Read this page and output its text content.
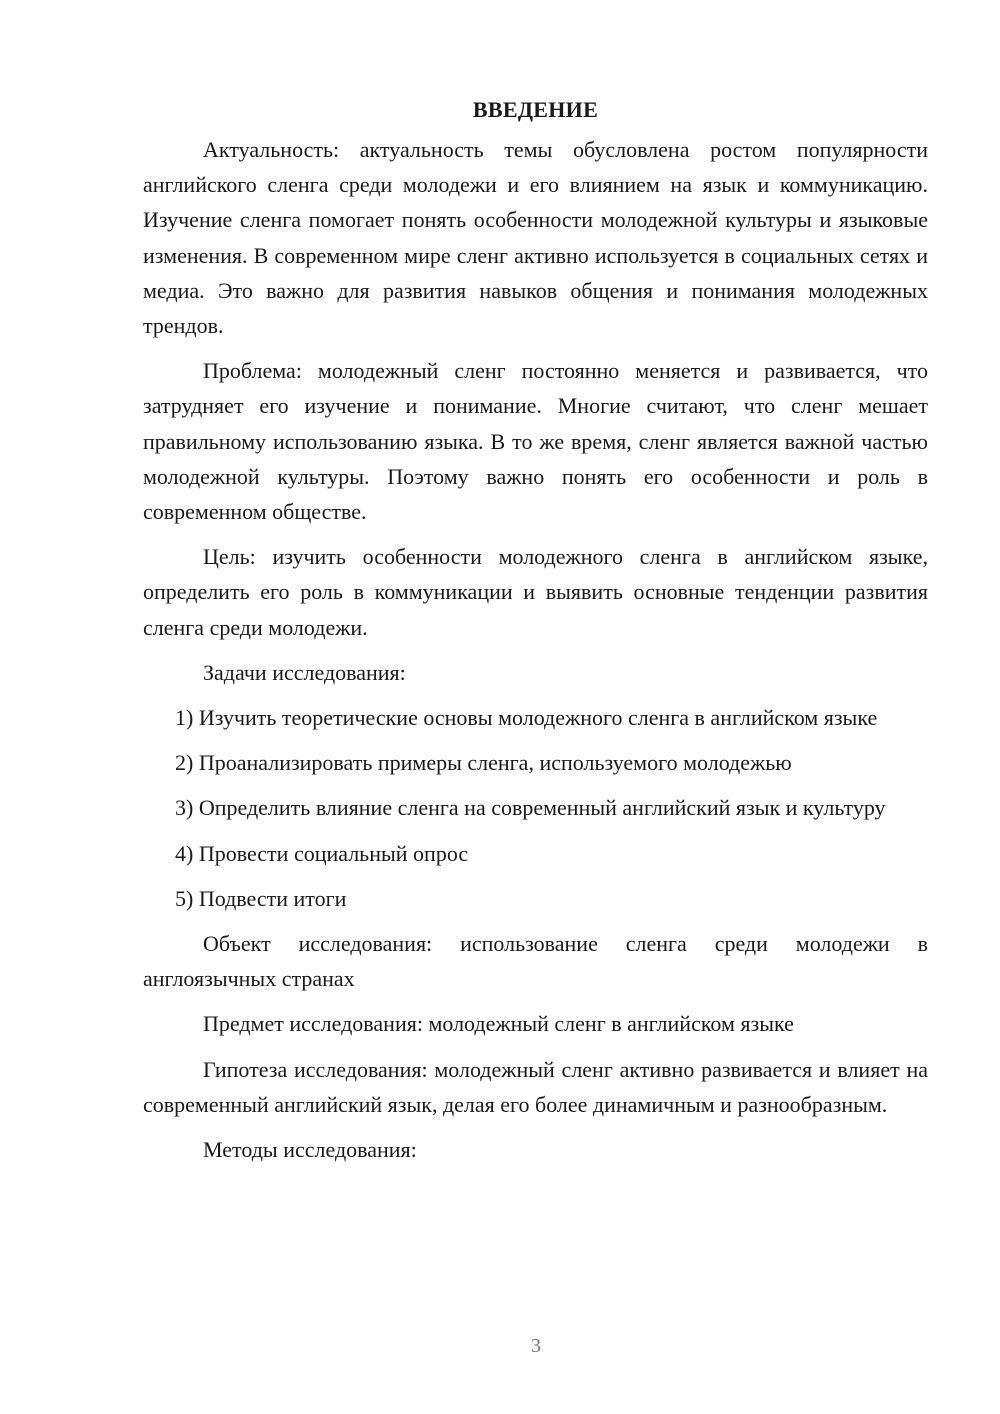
ВВЕДЕНИЕ

Актуальность: актуальность темы обусловлена ростом популярности английского сленга среди молодежи и его влиянием на язык и коммуникацию. Изучение сленга помогает понять особенности молодежной культуры и языковые изменения. В современном мире сленг активно используется в социальных сетях и медиа. Это важно для развития навыков общения и понимания молодежных трендов.

Проблема: молодежный сленг постоянно меняется и развивается, что затрудняет его изучение и понимание. Многие считают, что сленг мешает правильному использованию языка. В то же время, сленг является важной частью молодежной культуры. Поэтому важно понять его особенности и роль в современном обществе.

Цель: изучить особенности молодежного сленга в английском языке, определить его роль в коммуникации и выявить основные тенденции развития сленга среди молодежи.

Задачи исследования:

1) Изучить теоретические основы молодежного сленга в английском языке

2) Проанализировать примеры сленга, используемого молодежью

3) Определить влияние сленга на современный английский язык и культуру

4) Провести социальный опрос

5) Подвести итоги

Объект исследования: использование сленга среди молодежи в англоязычных странах

Предмет исследования: молодежный сленг в английском языке

Гипотеза исследования: молодежный сленг активно развивается и влияет на современный английский язык, делая его более динамичным и разнообразным.

Методы исследования:

3
